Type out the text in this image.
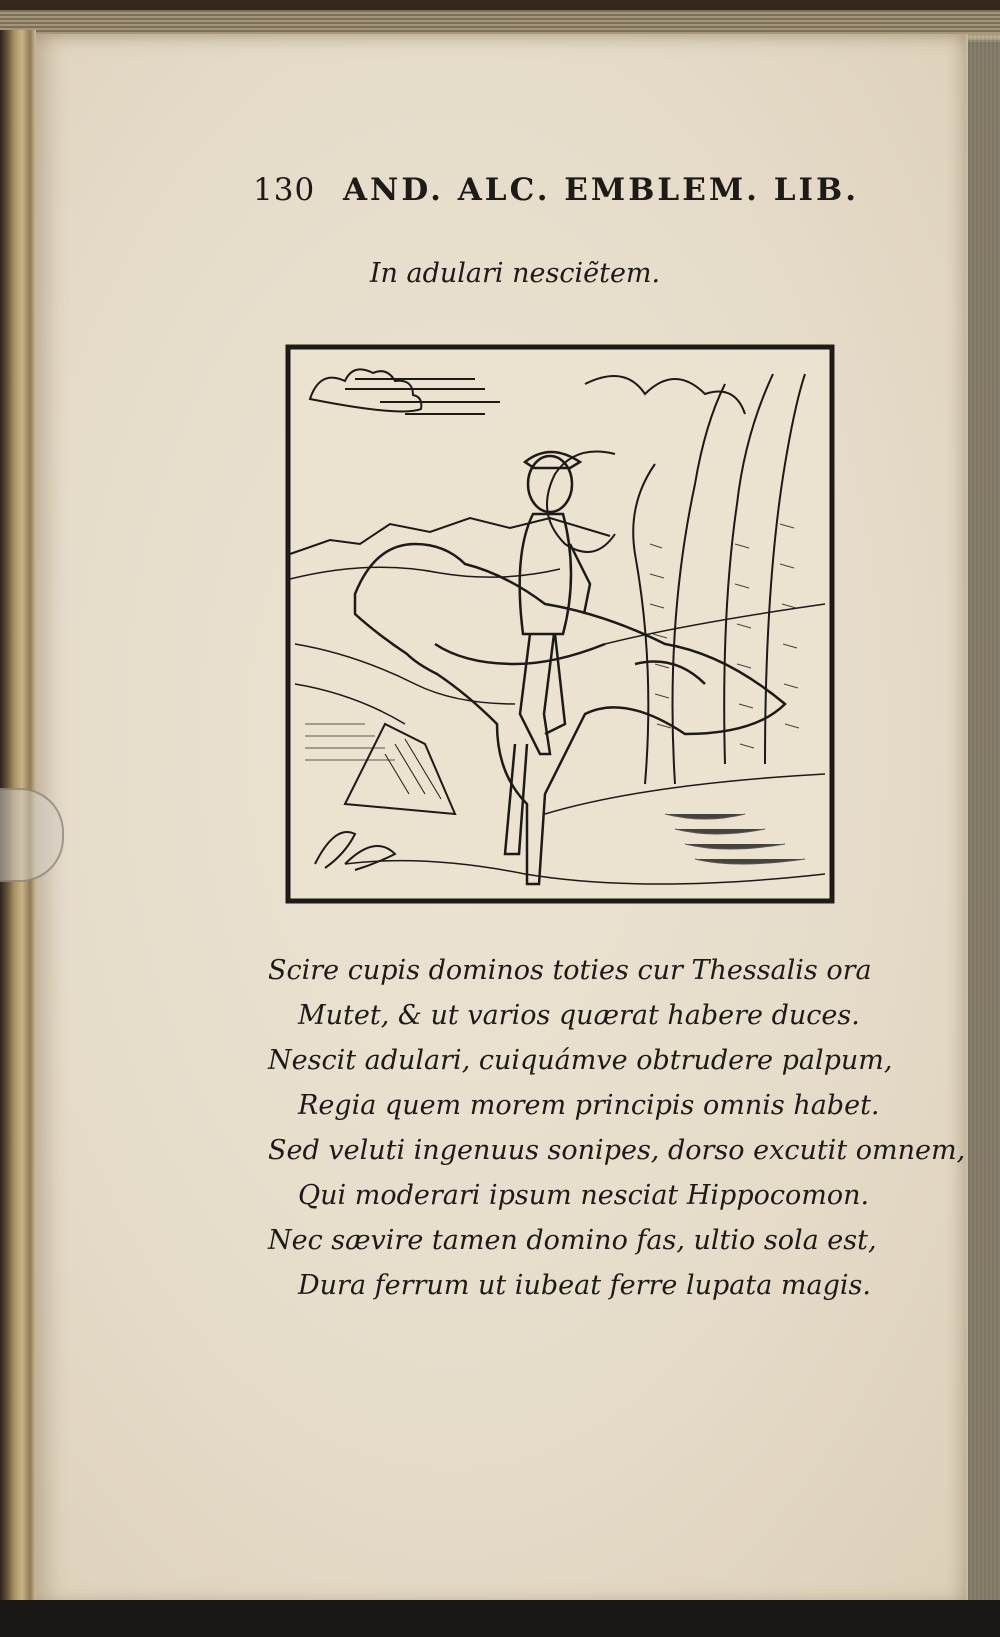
130 AND. ALC. EMBLEM. LIB.
In adulari nesciẽtem.
Scire cupis dominos toties cur Thessalis ora
Mutet, & ut varios quærat habere duces.
Nescit adulari, cuiquámve obtrudere palpum,
Regia quem morem principis omnis habet.
Sed veluti ingenuus sonipes, dorso excutit omnem,
Qui moderari ipsum nesciat Hippocomon.
Nec sævire tamen domino fas, ultio sola est,
Dura ferrum ut iubeat ferre lupata magis.
